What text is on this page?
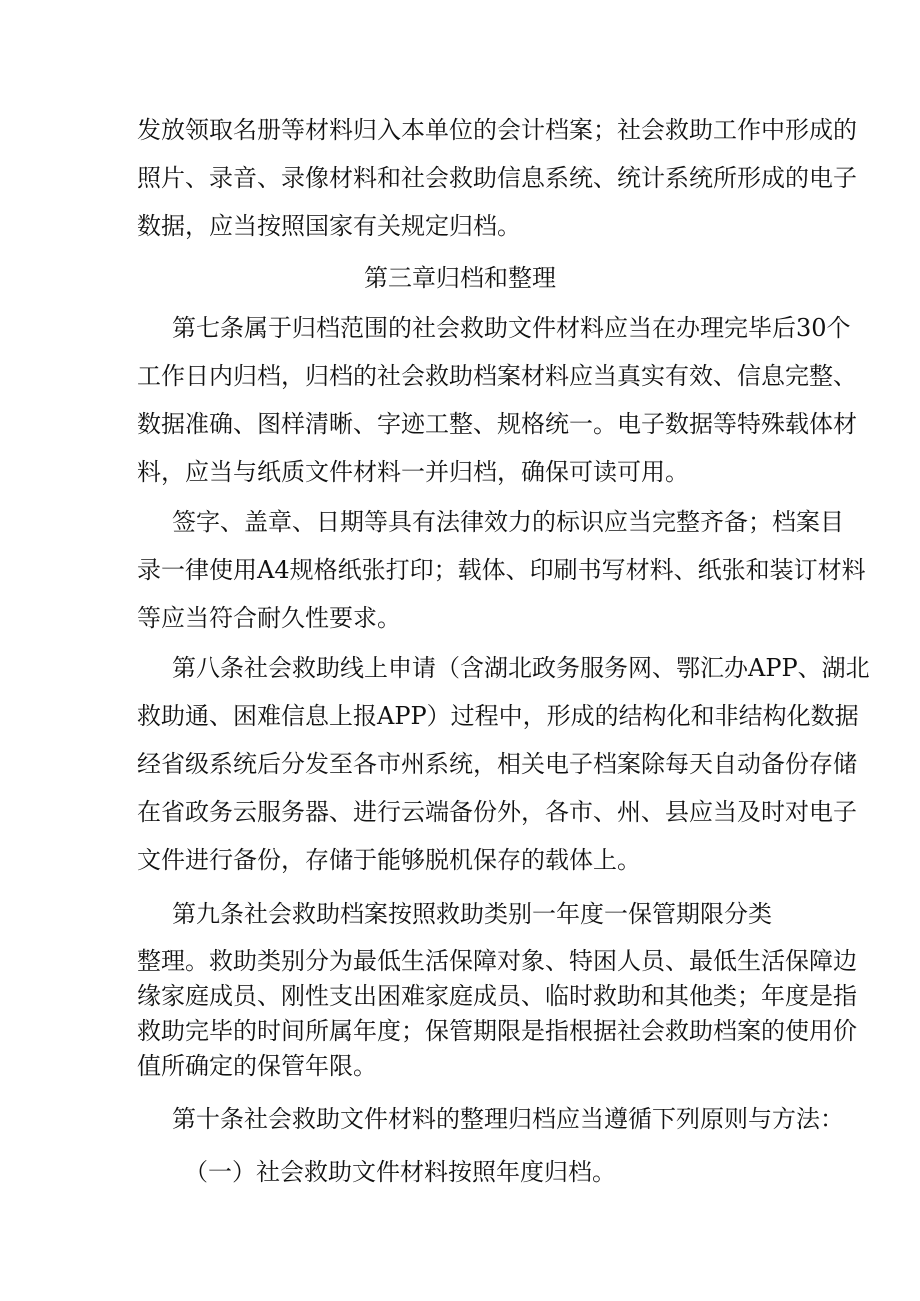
发放领取名册等材料归入本单位的会计档案；社会救助工作中形成的
照片、录音、录像材料和社会救助信息系统、统计系统所形成的电子
数据，应当按照国家有关规定归档。
第三章归档和整理
第七条属于归档范围的社会救助文件材料应当在办理完毕后30个
工作日内归档，归档的社会救助档案材料应当真实有效、信息完整、
数据准确、图样清晰、字迹工整、规格统一。电子数据等特殊载体材
料，应当与纸质文件材料一并归档，确保可读可用。
签字、盖章、日期等具有法律效力的标识应当完整齐备；档案目
录一律使用A4规格纸张打印；载体、印刷书写材料、纸张和装订材料
等应当符合耐久性要求。
第八条社会救助线上申请（含湖北政务服务网、鄂汇办APP、湖北
救助通、困难信息上报APP）过程中，形成的结构化和非结构化数据
经省级系统后分发至各市州系统，相关电子档案除每天自动备份存储
在省政务云服务器、进行云端备份外，各市、州、县应当及时对电子
文件进行备份，存储于能够脱机保存的载体上。
第九条社会救助档案按照救助类别一年度一保管期限分类
整理。救助类别分为最低生活保障对象、特困人员、最低生活保障边
缘家庭成员、刚性支出困难家庭成员、临时救助和其他类；年度是指
救助完毕的时间所属年度；保管期限是指根据社会救助档案的使用价
值所确定的保管年限。
第十条社会救助文件材料的整理归档应当遵循下列原则与方法：
（一）社会救助文件材料按照年度归档。
